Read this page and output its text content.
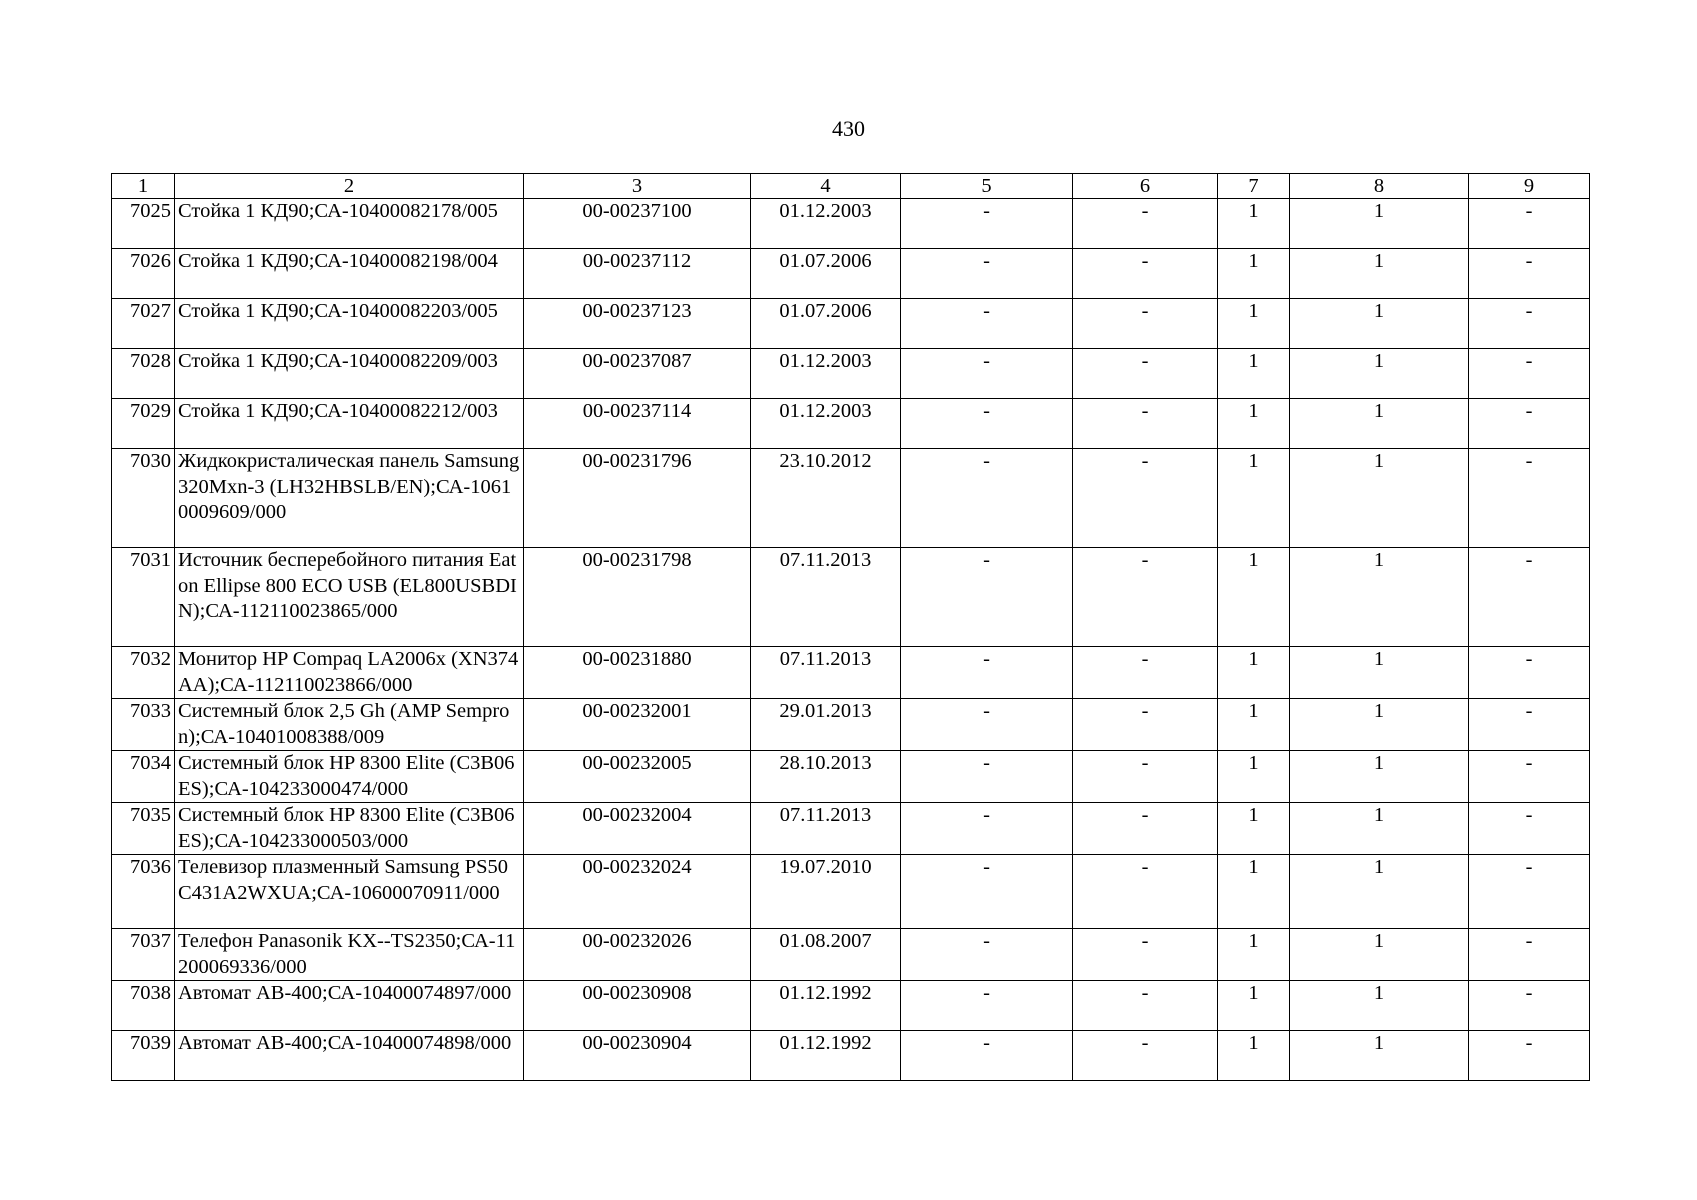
430
1	2	3	4	5	6	7	8	9
7025	Стойка 1 КД90;СА-10400082178/005	00-00237100	01.12.2003	-	-	1	1	-
7026	Стойка 1 КД90;СА-10400082198/004	00-00237112	01.07.2006	-	-	1	1	-
7027	Стойка 1 КД90;СА-10400082203/005	00-00237123	01.07.2006	-	-	1	1	-
7028	Стойка 1 КД90;СА-10400082209/003	00-00237087	01.12.2003	-	-	1	1	-
7029	Стойка 1 КД90;СА-10400082212/003	00-00237114	01.12.2003	-	-	1	1	-
7030	Жидкокристалическая панель Samsung 320Mxn-3 (LH32HBSLB/EN);СА-10610009609/000	00-00231796	23.10.2012	-	-	1	1	-
7031	Источник бесперебойного питания Eaton Ellipse 800 ECO USB (EL800USBDIN);СА-112110023865/000	00-00231798	07.11.2013	-	-	1	1	-
7032	Монитор HP Compaq LA2006x (XN374AA);СА-112110023866/000	00-00231880	07.11.2013	-	-	1	1	-
7033	Системный блок 2,5 Gh (AMP Sempron);СА-10401008388/009	00-00232001	29.01.2013	-	-	1	1	-
7034	Системный блок HP 8300 Elite (C3B06ES);СА-104233000474/000	00-00232005	28.10.2013	-	-	1	1	-
7035	Системный блок HP 8300 Elite (C3B06ES);СА-104233000503/000	00-00232004	07.11.2013	-	-	1	1	-
7036	Телевизор плазменный Samsung PS50C431A2WXUA;СА-10600070911/000	00-00232024	19.07.2010	-	-	1	1	-
7037	Телефон Panasonik KX--TS2350;СА-11200069336/000	00-00232026	01.08.2007	-	-	1	1	-
7038	Автомат АВ-400;СА-10400074897/000	00-00230908	01.12.1992	-	-	1	1	-
7039	Автомат АВ-400;СА-10400074898/000	00-00230904	01.12.1992	-	-	1	1	-
